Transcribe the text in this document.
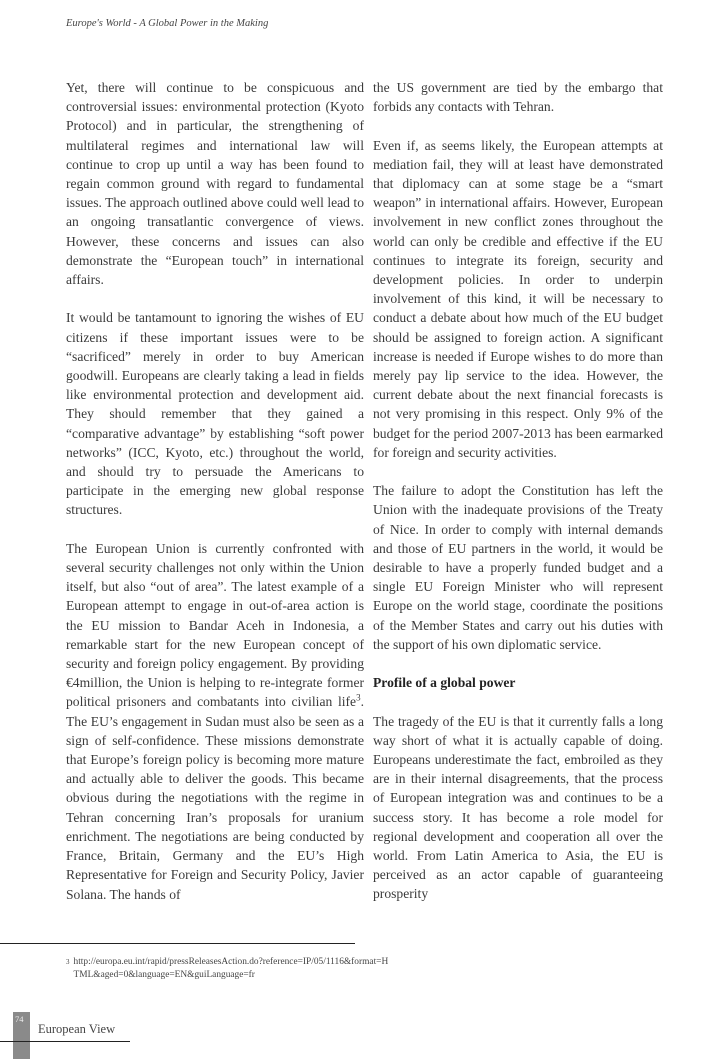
Europe's World - A Global Power in the Making

Yet, there will continue to be conspicuous and controversial issues: environmental protection (Kyoto Protocol) and in particular, the strengthening of multilateral regimes and international law will continue to crop up until a way has been found to regain common ground with regard to fundamental issues. The approach outlined above could well lead to an ongoing transatlantic convergence of views. However, these concerns and issues can also demonstrate the “European touch” in international affairs.

It would be tantamount to ignoring the wishes of EU citizens if these important issues were to be “sacrificed” merely in order to buy American goodwill. Europeans are clearly taking a lead in fields like environmental protection and development aid. They should remember that they gained a “comparative advantage” by establishing “soft power networks” (ICC, Kyoto, etc.) throughout the world, and should try to persuade the Americans to participate in the emerging new global response structures.

The European Union is currently confronted with several security challenges not only within the Union itself, but also “out of area”. The latest example of a European attempt to engage in out-of-area action is the EU mission to Bandar Aceh in Indonesia, a remarkable start for the new European concept of security and foreign policy engagement. By providing €4million, the Union is helping to re-integrate former political prisoners and combatants into civilian life$^3$. The EU’s engagement in Sudan must also be seen as a sign of self-confidence. These missions demonstrate that Europe’s foreign policy is becoming more mature and actually able to deliver the goods. This became obvious during the negotiations with the regime in Tehran concerning Iran’s proposals for uranium enrichment. The negotiations are being conducted by France, Britain, Germany and the EU’s High Representative for Foreign and Security Policy, Javier Solana. The hands of

the US government are tied by the embargo that forbids any contacts with Tehran.

Even if, as seems likely, the European attempts at mediation fail, they will at least have demonstrated that diplomacy can at some stage be a “smart weapon” in international affairs. However, European involvement in new conflict zones throughout the world can only be credible and effective if the EU continues to integrate its foreign, security and development policies. In order to underpin involvement of this kind, it will be necessary to conduct a debate about how much of the EU budget should be assigned to foreign action. A significant increase is needed if Europe wishes to do more than merely pay lip service to the idea. However, the current debate about the next financial forecasts is not very promising in this respect. Only 9% of the budget for the period 2007-2013 has been earmarked for foreign and security activities.

The failure to adopt the Constitution has left the Union with the inadequate provisions of the Treaty of Nice. In order to comply with internal demands and those of EU partners in the world, it would be desirable to have a properly funded budget and a single EU Foreign Minister who will represent Europe on the world stage, coordinate the positions of the Member States and carry out his duties with the support of his own diplomatic service.

Profile of a global power

The tragedy of the EU is that it currently falls a long way short of what it is actually capable of doing. Europeans underestimate the fact, embroiled as they are in their internal disagreements, that the process of European integration was and continues to be a success story. It has become a role model for regional development and cooperation all over the world. From Latin America to Asia, the EU is perceived as an actor capable of guaranteeing prosperity

$^3$ http://europa.eu.int/rapid/pressReleasesAction.do?reference=IP/05/1116&format=HTML&aged=0&language=EN&guiLanguage=fr
74
European View
